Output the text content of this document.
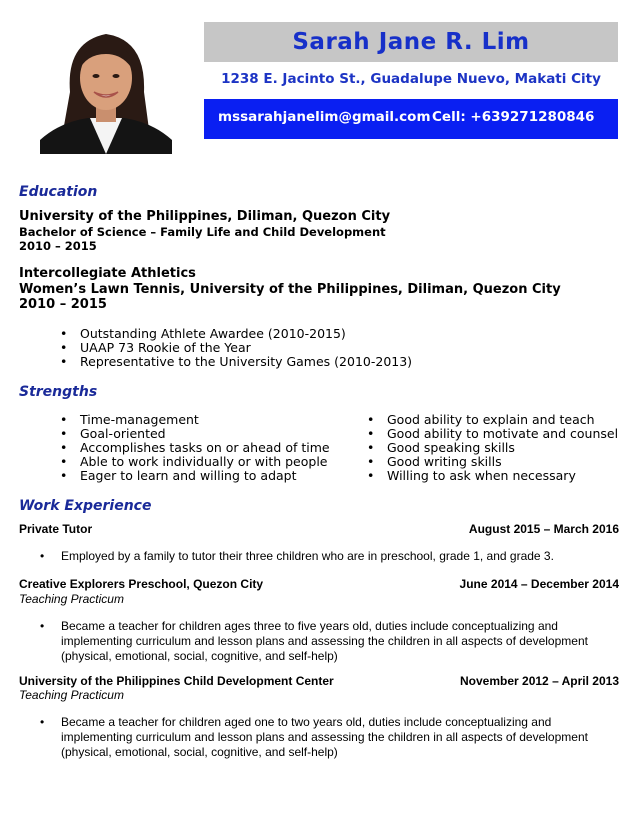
Sarah Jane R. Lim
1238 E. Jacinto St., Guadalupe Nuevo, Makati City
mssarahjanelim@gmail.com Cell: +639271280846
Education
University of the Philippines, Diliman, Quezon City
Bachelor of Science – Family Life and Child Development
2010 – 2015
Intercollegiate Athletics
Women’s Lawn Tennis, University of the Philippines, Diliman, Quezon City
2010 – 2015
• Outstanding Athlete Awardee (2010-2015)
• UAAP 73 Rookie of the Year
• Representative to the University Games (2010-2013)
Strengths
• Time-management
• Goal-oriented
• Accomplishes tasks on or ahead of time
• Able to work individually or with people
• Eager to learn and willing to adapt
• Good ability to explain and teach
• Good ability to motivate and counsel
• Good speaking skills
• Good writing skills
• Willing to ask when necessary
Work Experience
Private Tutor	August 2015 – March 2016
• Employed by a family to tutor their three children who are in preschool, grade 1, and grade 3.
Creative Explorers Preschool, Quezon City	June 2014 – December 2014
Teaching Practicum
• Became a teacher for children ages three to five years old, duties include conceptualizing and implementing curriculum and lesson plans and assessing the children in all aspects of development (physical, emotional, social, cognitive, and self-help)
University of the Philippines Child Development Center	November 2012 – April 2013
Teaching Practicum
• Became a teacher for children aged one to two years old, duties include conceptualizing and implementing curriculum and lesson plans and assessing the children in all aspects of development (physical, emotional, social, cognitive, and self-help)
